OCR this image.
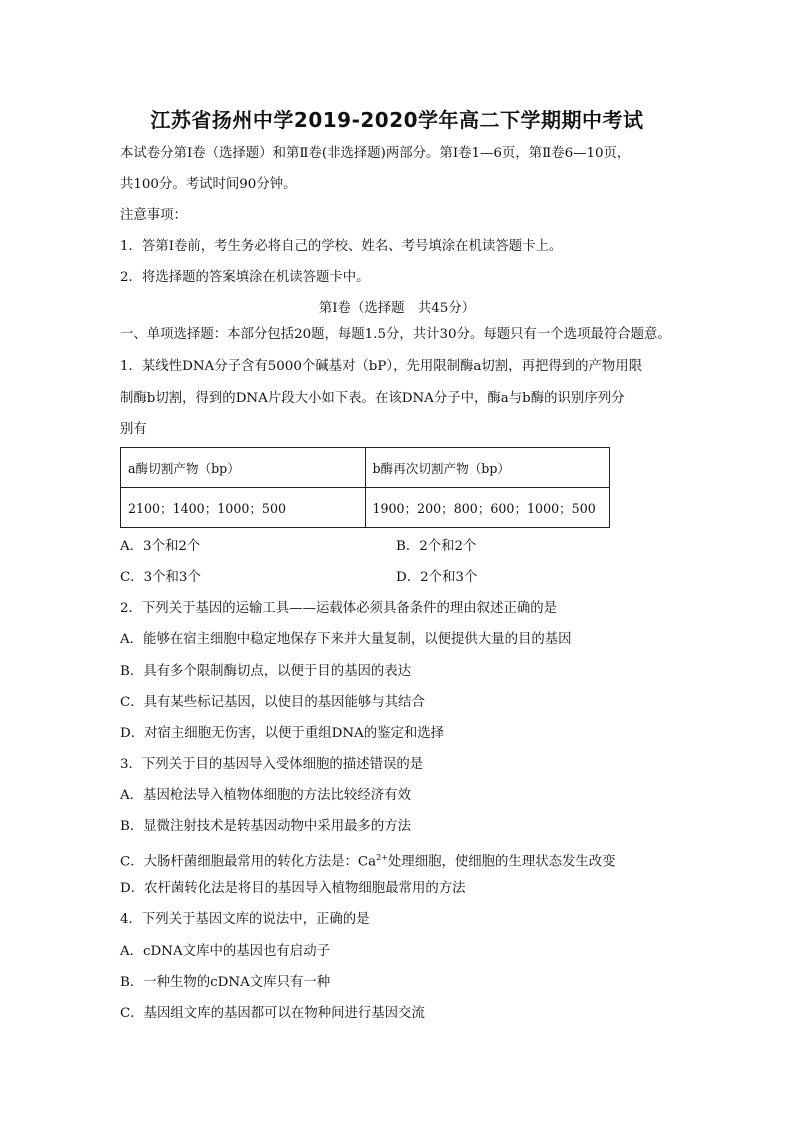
江苏省扬州中学2019-2020学年高二下学期期中考试
本试卷分第Ⅰ卷（选择题）和第Ⅱ卷(非选择题)两部分。第Ⅰ卷1—6页，第Ⅱ卷6—10页，
共100分。考试时间90分钟。
注意事项：
1．答第Ⅰ卷前，考生务必将自己的学校、姓名、考号填涂在机读答题卡上。
2．将选择题的答案填涂在机读答题卡中。
第Ⅰ卷（选择题　共45分）
一、单项选择题：本部分包括20题，每题1.5分，共计30分。每题只有一个选项最符合题意。
1．某线性DNA分子含有5000个碱基对（bP），先用限制酶a切割，再把得到的产物用限
制酶b切割，得到的DNA片段大小如下表。在该DNA分子中，酶a与b酶的识别序列分
别有
a酶切割产物（bp）	b酶再次切割产物（bp）
2100；1400；1000；500	1900；200；800；600；1000；500
A．3个和2个	B．2个和2个
C．3个和3个	D．2个和3个
2．下列关于基因的运输工具——运载体必须具备条件的理由叙述正确的是
A．能够在宿主细胞中稳定地保存下来并大量复制，以便提供大量的目的基因
B．具有多个限制酶切点，以便于目的基因的表达
C．具有某些标记基因，以使目的基因能够与其结合
D．对宿主细胞无伤害，以便于重组DNA的鉴定和选择
3．下列关于目的基因导入受体细胞的描述错误的是
A．基因枪法导入植物体细胞的方法比较经济有效
B．显微注射技术是转基因动物中采用最多的方法
C．大肠杆菌细胞最常用的转化方法是：$Ca^{2+}$处理细胞，使细胞的生理状态发生改变
D．农杆菌转化法是将目的基因导入植物细胞最常用的方法
4．下列关于基因文库的说法中，正确的是
A．cDNA文库中的基因也有启动子
B．一种生物的cDNA文库只有一种
C．基因组文库的基因都可以在物种间进行基因交流
